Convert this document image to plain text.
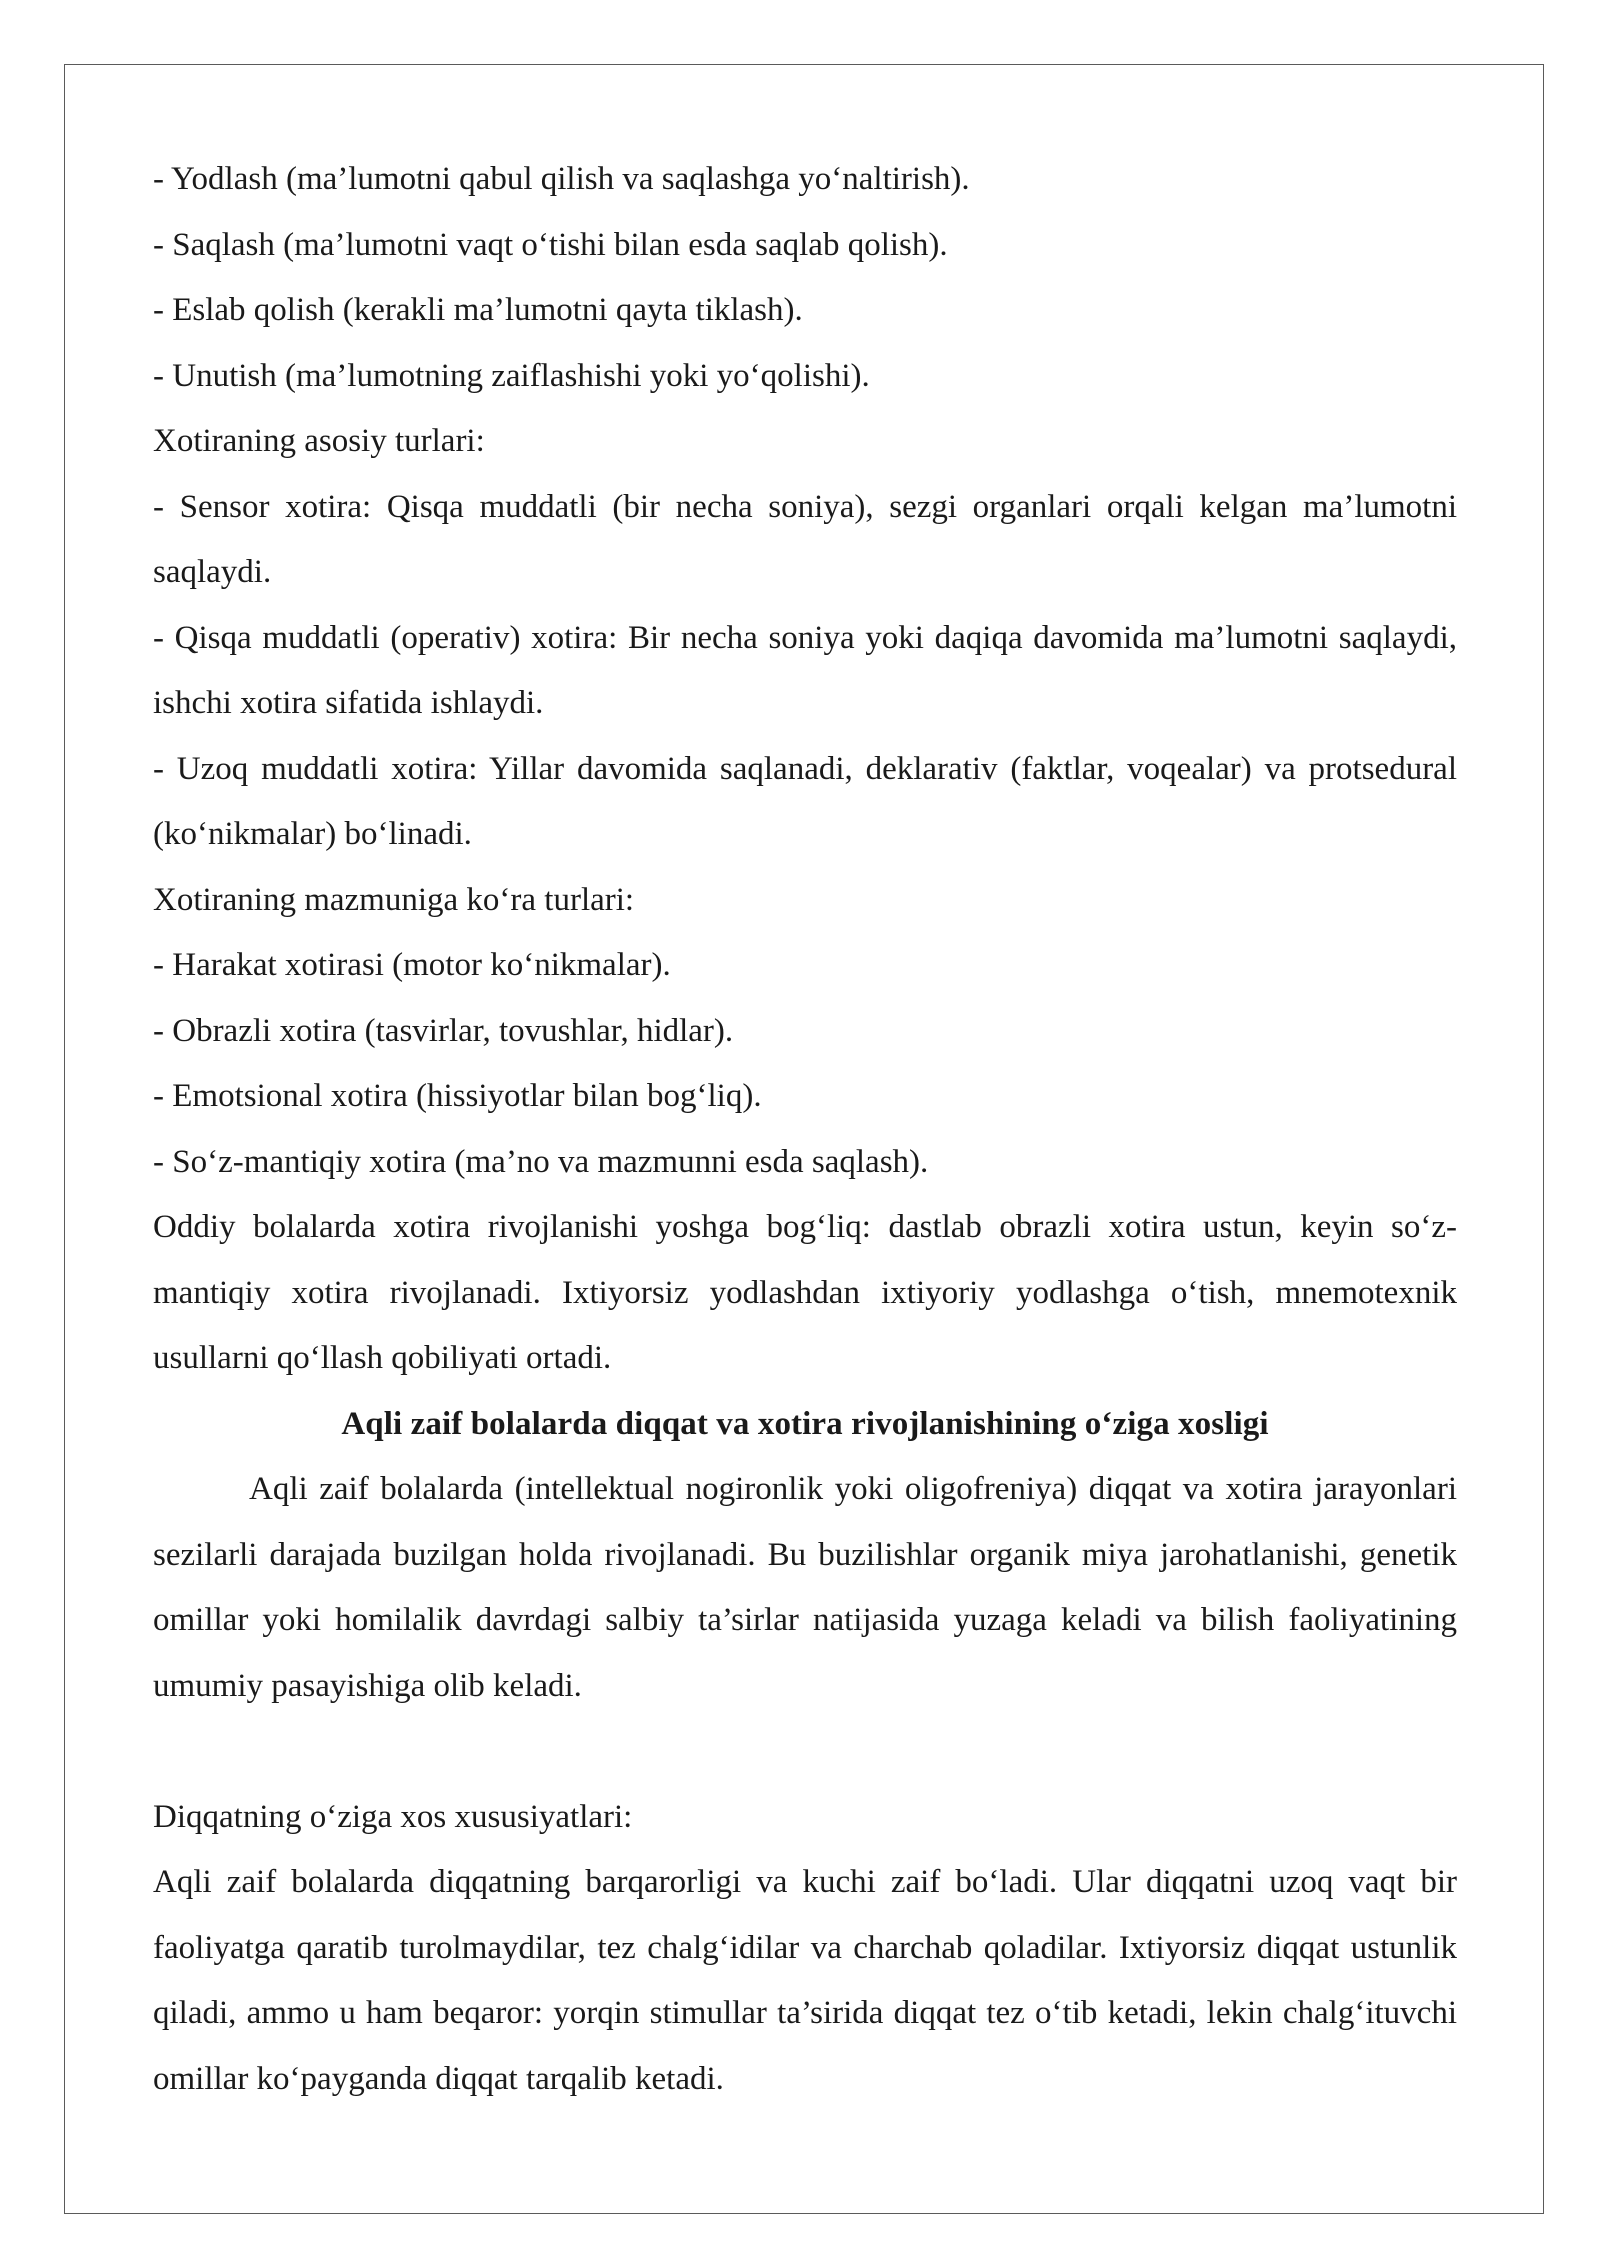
- Yodlash (ma’lumotni qabul qilish va saqlashga yo‘naltirish).

- Saqlash (ma’lumotni vaqt o‘tishi bilan esda saqlab qolish).

- Eslab qolish (kerakli ma’lumotni qayta tiklash).

- Unutish (ma’lumotning zaiflashishi yoki yo‘qolishi).

Xotiraning asosiy turlari:

- Sensor xotira: Qisqa muddatli (bir necha soniya), sezgi organlari orqali kelgan ma’lumotni saqlaydi.

- Qisqa muddatli (operativ) xotira: Bir necha soniya yoki daqiqa davomida ma’lumotni saqlaydi, ishchi xotira sifatida ishlaydi.

- Uzoq muddatli xotira: Yillar davomida saqlanadi, deklarativ (faktlar, voqealar) va protsedural (ko‘nikmalar) bo‘linadi.

Xotiraning mazmuniga ko‘ra turlari:

- Harakat xotirasi (motor ko‘nikmalar).

- Obrazli xotira (tasvirlar, tovushlar, hidlar).

- Emotsional xotira (hissiyotlar bilan bog‘liq).

- So‘z-mantiqiy xotira (ma’no va mazmunni esda saqlash).

Oddiy bolalarda xotira rivojlanishi yoshga bog‘liq: dastlab obrazli xotira ustun, keyin so‘z-mantiqiy xotira rivojlanadi. Ixtiyorsiz yodlashdan ixtiyoriy yodlashga o‘tish, mnemotexnik usullarni qo‘llash qobiliyati ortadi.

Aqli zaif bolalarda diqqat va xotira rivojlanishining o‘ziga xosligi

Aqli zaif bolalarda (intellektual nogironlik yoki oligofreniya) diqqat va xotira jarayonlari sezilarli darajada buzilgan holda rivojlanadi. Bu buzilishlar organik miya jarohatlanishi, genetik omillar yoki homilalik davrdagi salbiy ta’sirlar natijasida yuzaga keladi va bilish faoliyatining umumiy pasayishiga olib keladi.

Diqqatning o‘ziga xos xususiyatlari:

Aqli zaif bolalarda diqqatning barqarorligi va kuchi zaif bo‘ladi. Ular diqqatni uzoq vaqt bir faoliyatga qaratib turolmaydilar, tez chalg‘idilar va charchab qoladilar. Ixtiyorsiz diqqat ustunlik qiladi, ammo u ham beqaror: yorqin stimullar ta’sirida diqqat tez o‘tib ketadi, lekin chalg‘ituvchi omillar ko‘payganda diqqat tarqalib ketadi.
